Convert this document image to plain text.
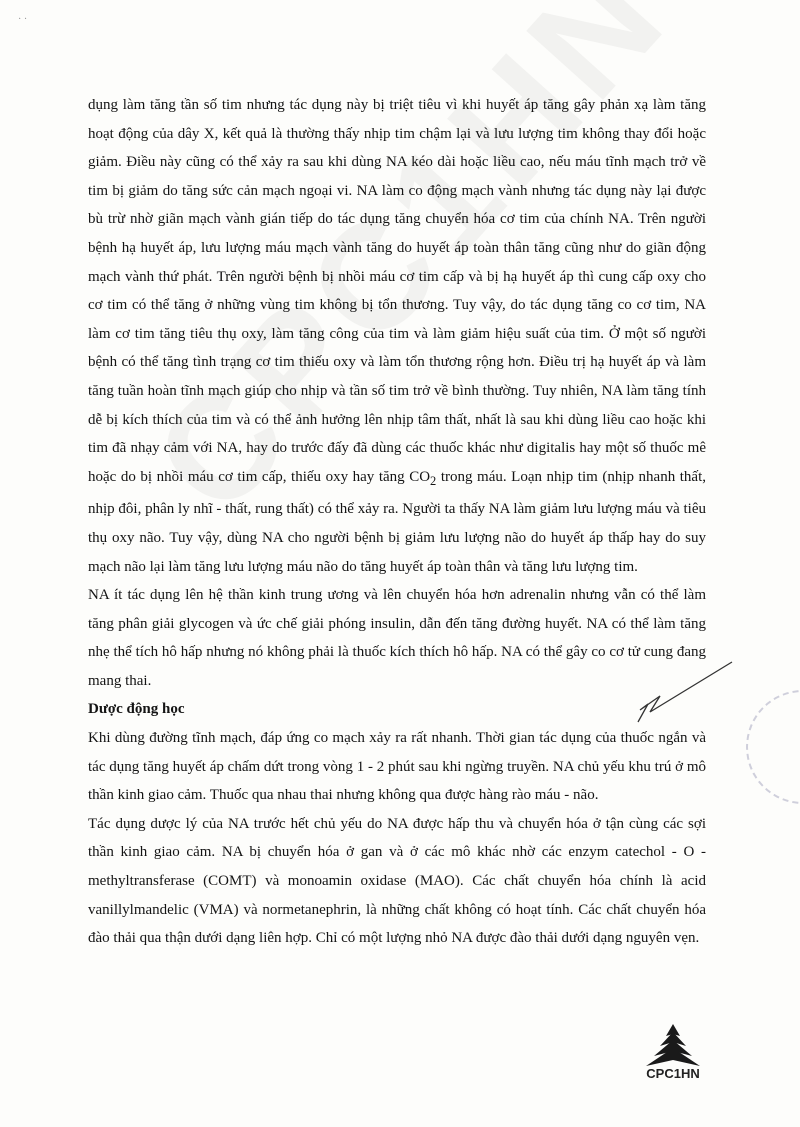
· ·

dụng làm tăng tần số tim nhưng tác dụng này bị triệt tiêu vì khi huyết áp tăng gây phản xạ làm tăng hoạt động của dây X, kết quả là thường thấy nhịp tim chậm lại và lưu lượng tim không thay đổi hoặc giảm. Điều này cũng có thể xảy ra sau khi dùng NA kéo dài hoặc liều cao, nếu máu tĩnh mạch trở về tim bị giảm do tăng sức cản mạch ngoại vi. NA làm co động mạch vành nhưng tác dụng này lại được bù trừ nhờ giãn mạch vành gián tiếp do tác dụng tăng chuyển hóa cơ tim của chính NA. Trên người bệnh hạ huyết áp, lưu lượng máu mạch vành tăng do huyết áp toàn thân tăng cũng như do giãn động mạch vành thứ phát. Trên người bệnh bị nhồi máu cơ tim cấp và bị hạ huyết áp thì cung cấp oxy cho cơ tim có thể tăng ở những vùng tim không bị tổn thương. Tuy vậy, do tác dụng tăng co cơ tim, NA làm cơ tim tăng tiêu thụ oxy, làm tăng công của tim và làm giảm hiệu suất của tim. Ở một số người bệnh có thể tăng tình trạng cơ tim thiếu oxy và làm tổn thương rộng hơn. Điều trị hạ huyết áp và làm tăng tuần hoàn tĩnh mạch giúp cho nhịp và tần số tim trở về bình thường. Tuy nhiên, NA làm tăng tính dễ bị kích thích của tim và có thể ảnh hưởng lên nhịp tâm thất, nhất là sau khi dùng liều cao hoặc khi tim đã nhạy cảm với NA, hay do trước đấy đã dùng các thuốc khác như digitalis hay một số thuốc mê hoặc do bị nhồi máu cơ tim cấp, thiếu oxy hay tăng $CO_2$ trong máu. Loạn nhịp tim (nhịp nhanh thất, nhịp đôi, phân ly nhĩ - thất, rung thất) có thể xảy ra. Người ta thấy NA làm giảm lưu lượng máu và tiêu thụ oxy não. Tuy vậy, dùng NA cho người bệnh bị giảm lưu lượng não do huyết áp thấp hay do suy mạch não lại làm tăng lưu lượng máu não do tăng huyết áp toàn thân và tăng lưu lượng tim.

NA ít tác dụng lên hệ thần kinh trung ương và lên chuyển hóa hơn adrenalin nhưng vẫn có thể làm tăng phân giải glycogen và ức chế giải phóng insulin, dẫn đến tăng đường huyết. NA có thể làm tăng nhẹ thể tích hô hấp nhưng nó không phải là thuốc kích thích hô hấp. NA có thể gây co cơ tử cung đang mang thai.

Dược động học

Khi dùng đường tĩnh mạch, đáp ứng co mạch xảy ra rất nhanh. Thời gian tác dụng của thuốc ngắn và tác dụng tăng huyết áp chấm dứt trong vòng 1 - 2 phút sau khi ngừng truyền. NA chủ yếu khu trú ở mô thần kinh giao cảm. Thuốc qua nhau thai nhưng không qua được hàng rào máu - não.

Tác dụng dược lý của NA trước hết chủ yếu do NA được hấp thu và chuyển hóa ở tận cùng các sợi thần kinh giao cảm. NA bị chuyển hóa ở gan và ở các mô khác nhờ các enzym catechol - O - methyltransferase (COMT) và monoamin oxidase (MAO). Các chất chuyển hóa chính là acid vanillylmandelic (VMA) và normetanephrin, là những chất không có hoạt tính. Các chất chuyển hóa đào thải qua thận dưới dạng liên hợp. Chỉ có một lượng nhỏ NA được đào thải dưới dạng nguyên vẹn.

CPC1HN
